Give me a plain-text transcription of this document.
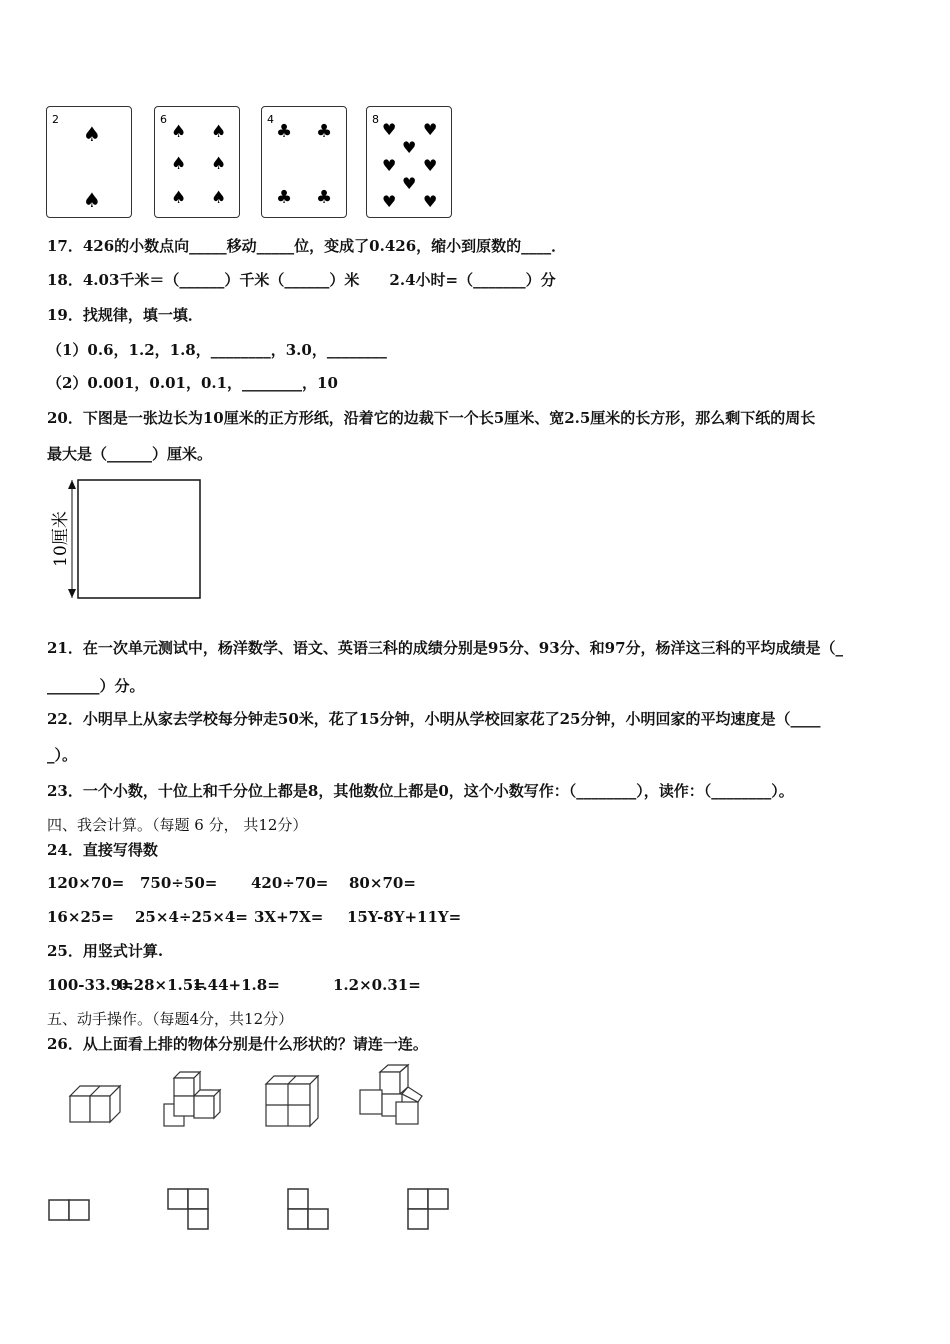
2
♠
♠
6
♠ ♠
♠ ♠
♠ ♠
4
♣ ♣
♣ ♣
8
♥ ♥
♥
♥ ♥
♥
♥ ♥
17．426的小数点向_____移动_____位，变成了0.426，缩小到原数的____．
18．4.03千米＝（______）千米（______）米　　2.4小时=（_______）分
19．找规律，填一填．
（1）0.6，1.2，1.8，________，3.0，________
（2）0.001，0.01，0.1，________，10
20．下图是一张边长为10厘米的正方形纸，沿着它的边裁下一个长5厘米、宽2.5厘米的长方形，那么剩下纸的周长
最大是（______）厘米。
10厘米
21．在一次单元测试中，杨洋数学、语文、英语三科的成绩分别是95分、93分、和97分，杨洋这三科的平均成绩是（_
_______）分。
22．小明早上从家去学校每分钟走50米，花了15分钟，小明从学校回家花了25分钟，小明回家的平均速度是（____
_）。
23．一个小数，十位上和千分位上都是8，其他数位上都是0，这个小数写作：（________），读作：（________）。
四、我会计算。（每题 6 分， 共12分）
24．直接写得数
120×70= 750÷50= 420÷70= 80×70=
16×25= 25×4÷25×4= 3X+7X= 15Y-8Y+11Y=
25．用竖式计算.
100-33.9=
0.28×1.5=
1.44+1.8=	1.2×0.31=
五、动手操作。（每题4分，共12分）
26．从上面看上排的物体分别是什么形状的？请连一连。
